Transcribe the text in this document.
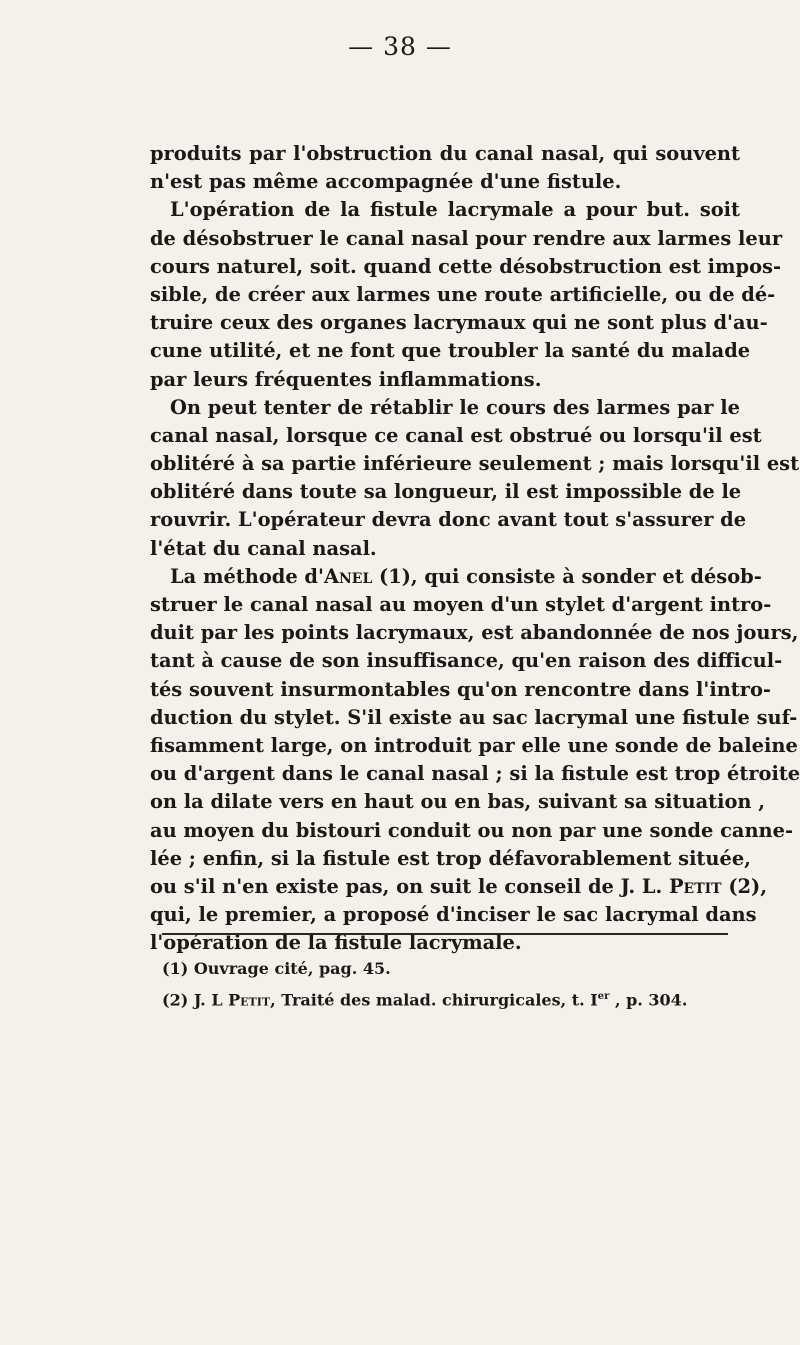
— 38 —
produits par l'obstruction du canal nasal, qui souvent
n'est pas même accompagnée d'une fistule.
L'opération de la fistule lacrymale a pour but. soit
de désobstruer le canal nasal pour rendre aux larmes leur
cours naturel, soit. quand cette désobstruction est impos-
sible, de créer aux larmes une route artificielle, ou de dé-
truire ceux des organes lacrymaux qui ne sont plus d'au-
cune utilité, et ne font que troubler la santé du malade
par leurs fréquentes inflammations.
On peut tenter de rétablir le cours des larmes par le
canal nasal, lorsque ce canal est obstrué ou lorsqu'il est
oblitéré à sa partie inférieure seulement ; mais lorsqu'il est
oblitéré dans toute sa longueur, il est impossible de le
rouvrir. L'opérateur devra donc avant tout s'assurer de
l'état du canal nasal.
La méthode d'Anel (1), qui consiste à sonder et désob-
struer le canal nasal au moyen d'un stylet d'argent intro-
duit par les points lacrymaux, est abandonnée de nos jours,
tant à cause de son insuffisance, qu'en raison des difficul-
tés souvent insurmontables qu'on rencontre dans l'intro-
duction du stylet. S'il existe au sac lacrymal une fistule suf-
fisamment large, on introduit par elle une sonde de baleine
ou d'argent dans le canal nasal ; si la fistule est trop étroite
on la dilate vers en haut ou en bas, suivant sa situation ,
au moyen du bistouri conduit ou non par une sonde canne-
lée ; enfin, si la fistule est trop défavorablement située,
ou s'il n'en existe pas, on suit le conseil de J. L. Petit (2),
qui, le premier, a proposé d'inciser le sac lacrymal dans
l'opération de la fistule lacrymale.
(1) Ouvrage cité, pag. 45.
(2) J. L Petit, Traité des malad. chirurgicales, t. Ier , p. 304.
